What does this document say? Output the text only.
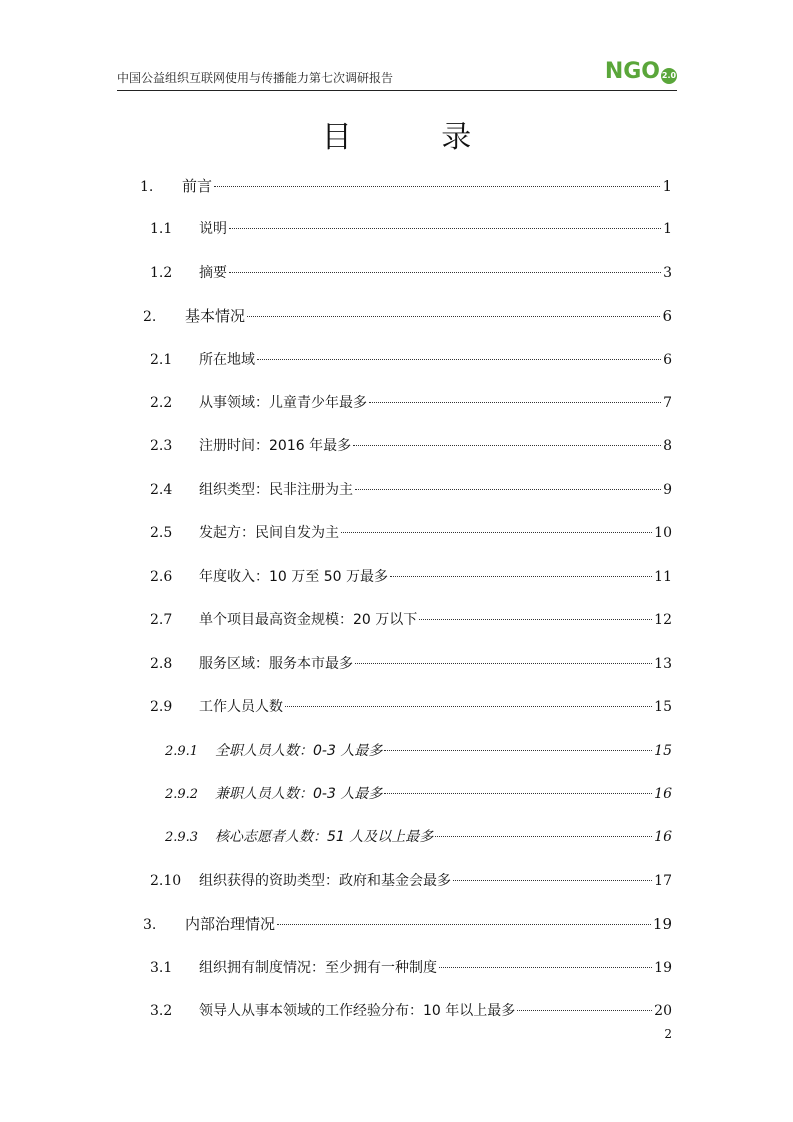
中国公益组织互联网使用与传播能力第七次调研报告	NGO 2.0
目 录
1.	前言	1
1.1	说明	1
1.2	摘要	3
2.	基本情况	6
2.1	所在地域	6
2.2	从事领域：儿童青少年最多	7
2.3	注册时间：2016 年最多	8
2.4	组织类型：民非注册为主	9
2.5	发起方：民间自发为主	10
2.6	年度收入：10 万至 50 万最多	11
2.7	单个项目最高资金规模：20 万以下	12
2.8	服务区域：服务本市最多	13
2.9	工作人员人数	15
2.9.1	全职人员人数：0-3 人最多	15
2.9.2	兼职人员人数：0-3 人最多	16
2.9.3	核心志愿者人数：51 人及以上最多	16
2.10	组织获得的资助类型：政府和基金会最多	17
3.	内部治理情况	19
3.1	组织拥有制度情况：至少拥有一种制度	19
3.2	领导人从事本领域的工作经验分布：10 年以上最多	20
2
